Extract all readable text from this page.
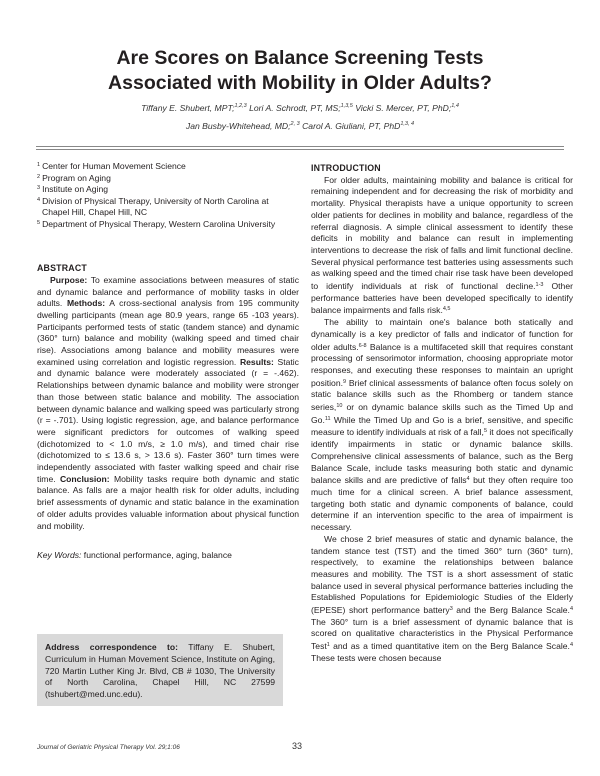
Are Scores on Balance Screening Tests
Associated with Mobility in Older Adults?
Tiffany E. Shubert, MPT;$^{1,2,3}$ Lori A. Schrodt, PT, MS;$^{1,3,5}$ Vicki S. Mercer, PT, PhD;$^{1,4}$
Jan Busby-Whitehead, MD;$^{2, 3}$ Carol A. Giuliani, PT, PhD$^{1,3, 4}$
$^1$ Center for Human Movement Science
$^2$ Program on Aging
$^3$ Institute on Aging
$^4$ Division of Physical Therapy, University of North Carolina at
Chapel Hill, Chapel Hill, NC
$^5$ Department of Physical Therapy, Western Carolina University
ABSTRACT
Purpose: To examine associations between measures of static and dynamic balance and performance of mobility tasks in older adults. Methods: A cross-sectional analysis from 195 community dwelling participants (mean age 80.9 years, range 65 -103 years). Participants performed tests of static (tandem stance) and dynamic (360° turn) balance and mobility (walking speed and timed chair rise). Associations among balance and mobility measures were examined using correlation and logistic regression. Results: Static and dynamic balance were moderately associated (r = -.462). Relationships between dynamic balance and mobility were stronger than those between static balance and mobility. The association between dynamic balance and walking speed was particularly strong (r = -.701). Using logistic regression, age, and balance performance were significant predictors for outcomes of walking speed (dichotomized to < 1.0 m/s, ≥ 1.0 m/s), and timed chair rise (dichotomized to ≤ 13.6 s, > 13.6 s). Faster 360° turn times were independently associated with faster walking speed and chair rise time. Conclusion: Mobility tasks require both dynamic and static balance. As falls are a major health risk for older adults, including brief assessments of dynamic and static balance in the examination of older adults provides valuable information about physical function and mobility.
Key Words: functional performance, aging, balance
Address correspondence to: Tiffany E. Shubert, Curriculum in Human Movement Science, Institute on Aging, 720 Martin Luther King Jr. Blvd, CB # 1030, The University of North Carolina, Chapel Hill, NC 27599 (tshubert@med.unc.edu).
INTRODUCTION
For older adults, maintaining mobility and balance is critical for remaining independent and for decreasing the risk of morbidity and mortality. Physical therapists have a unique opportunity to screen older patients for declines in mobility and balance, regardless of the referral diagnosis. A simple clinical assessment to identify these deficits in mobility and balance can result in implementing interventions to decrease the risk of falls and limit functional decline. Several physical performance test batteries using assessments such as walking speed and the timed chair rise task have been developed to identify individuals at risk of functional decline.$^{1-3}$ Other performance batteries have been developed specifically to identify balance impairments and falls risk.$^{4,5}$
The ability to maintain one's balance both statically and dynamically is a key predictor of falls and indicator of function for older adults.$^{6-8}$ Balance is a multifaceted skill that requires constant processing of sensorimotor information, choosing appropriate motor responses, and executing these responses to maintain an upright position.$^9$ Brief clinical assessments of balance often focus solely on static balance skills such as the Rhomberg or tandem stance series,$^{10}$ or on dynamic balance skills such as the Timed Up and Go.$^{11}$ While the Timed Up and Go is a brief, sensitive, and specific measure to identify individuals at risk of a fall,$^5$ it does not specifically identify impairments in static or dynamic balance skills. Comprehensive clinical assessments of balance, such as the Berg Balance Scale, include tasks measuring both static and dynamic balance skills and are predictive of falls$^4$ but they often require too much time for a clinical screen. A brief balance assessment, targeting both static and dynamic components of balance, could determine if an intervention specific to the area of impairment is necessary.
We chose 2 brief measures of static and dynamic balance, the tandem stance test (TST) and the timed 360° turn (360° turn), respectively, to examine the relationships between balance measures and mobility. The TST is a short assessment of static balance used in several physical performance batteries including the Established Populations for Epidemiologic Studies of the Elderly (EPESE) short performance battery$^3$ and the Berg Balance Scale.$^4$ The 360° turn is a brief assessment of dynamic balance that is scored on qualitative characteristics in the Physical Performance Test$^1$ and as a timed quantitative item on the Berg Balance Scale.$^4$ These tests were chosen because
Journal of Geriatric Physical Therapy Vol. 29;1:06	33
